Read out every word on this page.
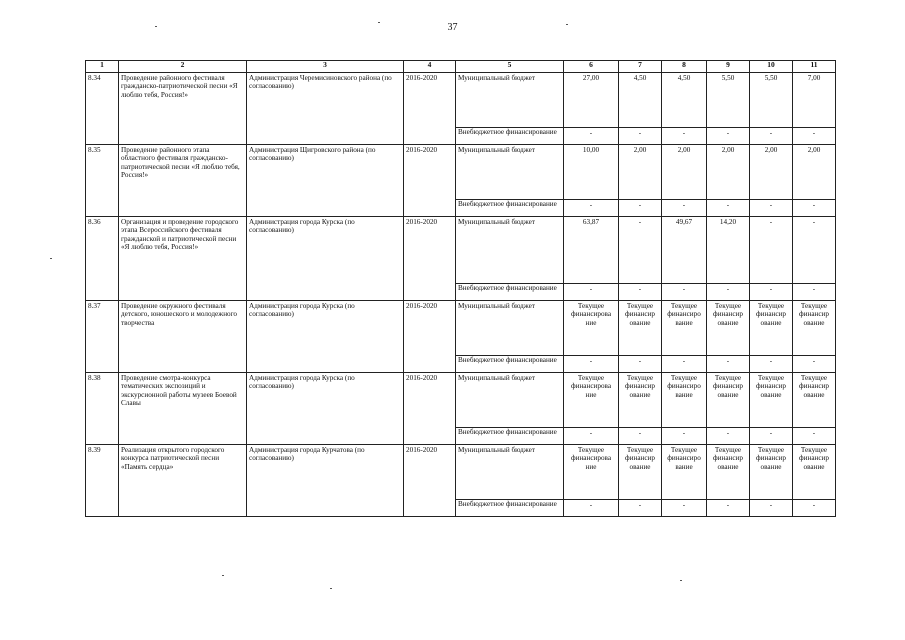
37
1	2	3	4	5	6	7	8	9	10	11
8.34	Проведение районного фестиваля гражданско-патриотической песни «Я люблю тебя, Россия!»	Администрация Черемисиновского района (по согласованию)	2016-2020	Муниципальный бюджет	27,00	4,50	4,50	5,50	5,50	7,00
				Внебюджетное финансирование	-	-	-	-	-	-
8.35	Проведение районного этапа областного фестиваля гражданско-патриотической песни «Я люблю тебя, Россия!»	Администрация Щигровского района (по согласованию)	2016-2020	Муниципальный бюджет	10,00	2,00	2,00	2,00	2,00	2,00
				Внебюджетное финансирование	-	-	-	-	-	-
8.36	Организация и проведение городского этапа Всероссийского фестиваля гражданской и патриотической песни «Я люблю тебя, Россия!»	Администрация города Курска (по согласованию)	2016-2020	Муниципальный бюджет	63,87	-	49,67	14,20	-	-
				Внебюджетное финансирование	-	-	-	-	-	-
8.37	Проведение окружного фестиваля детского, юношеского и молодежного творчества	Администрация города Курска (по согласованию)	2016-2020	Муниципальный бюджет	Текущее финансирова ние	Текущее финансир ование	Текущее финансиро вание	Текущее финансир ование	Текущее финансир ование	Текущее финансир ование
				Внебюджетное финансирование	-	-	-	-	-	-
8.38	Проведение смотра-конкурса тематических экспозиций и экскурсионной работы музеев Боевой Славы	Администрация города Курска (по согласованию)	2016-2020	Муниципальный бюджет	Текущее финансирова ние	Текущее финансир ование	Текущее финансиро вание	Текущее финансир ование	Текущее финансир ование	Текущее финансир ование
				Внебюджетное финансирование	-	-	-	-	-	-
8.39	Реализация открытого городского конкурса патриотической песни «Память сердца»	Администрация города Курчатова (по согласованию)	2016-2020	Муниципальный бюджет	Текущее финансирова ние	Текущее финансир ование	Текущее финансиро вание	Текущее финансир ование	Текущее финансир ование	Текущее финансир ование
				Внебюджетное финансирование	-	-	-	-	-	-
